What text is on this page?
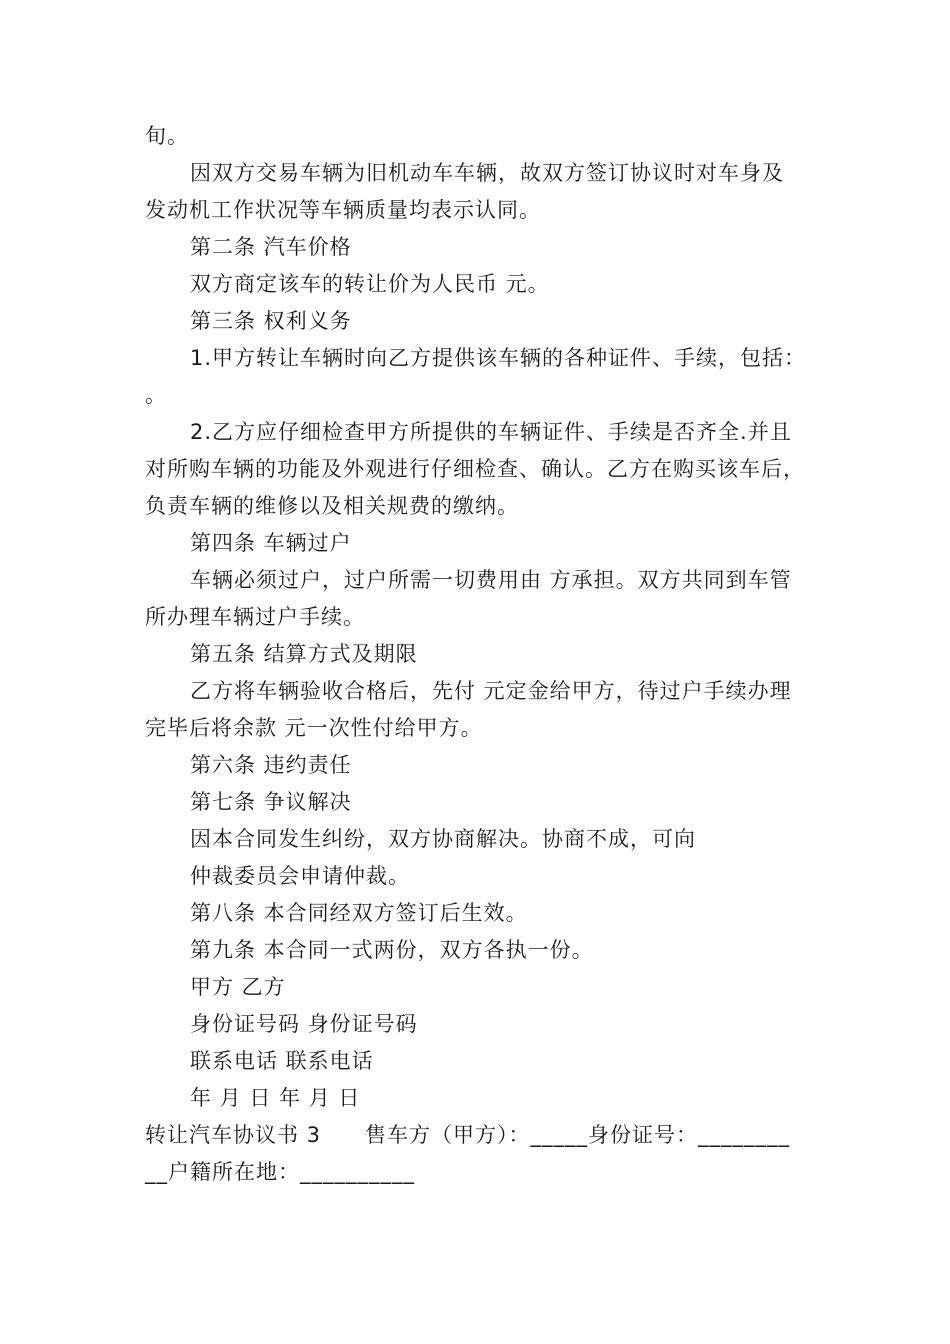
旬。
因双方交易车辆为旧机动车车辆，故双方签订协议时对车身及
发动机工作状况等车辆质量均表示认同。
第二条 汽车价格
双方商定该车的转让价为人民币 元。
第三条 权利义务
1.甲方转让车辆时向乙方提供该车辆的各种证件、手续，包括：
。
2.乙方应仔细检查甲方所提供的车辆证件、手续是否齐全.并且
对所购车辆的功能及外观进行仔细检查、确认。乙方在购买该车后，
负责车辆的维修以及相关规费的缴纳。
第四条 车辆过户
车辆必须过户，过户所需一切费用由 方承担。双方共同到车管
所办理车辆过户手续。
第五条 结算方式及期限
乙方将车辆验收合格后，先付 元定金给甲方，待过户手续办理
完毕后将余款 元一次性付给甲方。
第六条 违约责任
第七条 争议解决
因本合同发生纠纷，双方协商解决。协商不成，可向
仲裁委员会申请仲裁。
第八条 本合同经双方签订后生效。
第九条 本合同一式两份，双方各执一份。
甲方 乙方
身份证号码 身份证号码
联系电话 联系电话
年 月 日 年 月 日
转让汽车协议书 3　　售车方（甲方）：_____身份证号：________
__户籍所在地：__________
